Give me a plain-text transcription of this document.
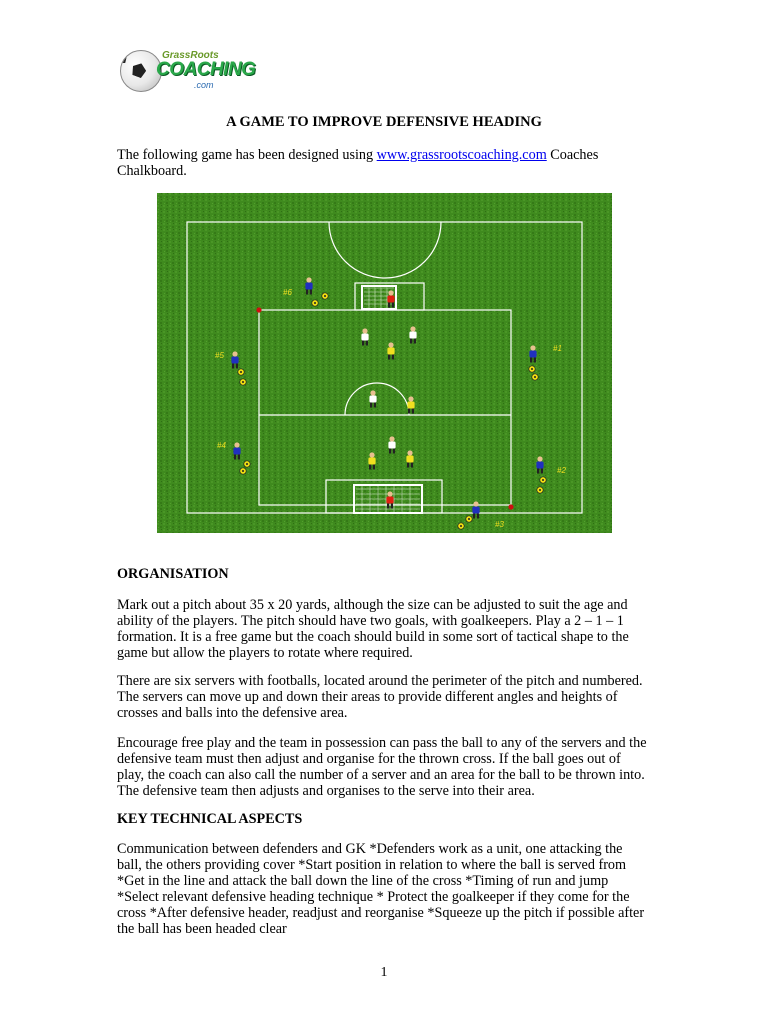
GrassRoots
COACHING
.com
A GAME TO IMPROVE DEFENSIVE HEADING

The following game has been designed using www.grassrootscoaching.com Coaches Chalkboard.

#1
#2
#3
#4
#5
#6
ORGANISATION

Mark out a pitch about 35 x 20 yards, although the size can be adjusted to suit the age and ability of the players. The pitch should have two goals, with goalkeepers. Play a 2 – 1 – 1 formation. It is a free game but the coach should build in some sort of tactical shape to the game but allow the players to rotate where required.

There are six servers with footballs, located around the perimeter of the pitch and numbered. The servers can move up and down their areas to provide different angles and heights of crosses and balls into the defensive area.

Encourage free play and the team in possession can pass the ball to any of the servers and the defensive team must then adjust and organise for the thrown cross. If the ball goes out of play, the coach can also call the number of a server and an area for the ball to be thrown into. The defensive team then adjusts and organises to the serve into their area.

KEY TECHNICAL ASPECTS

Communication between defenders and GK *Defenders work as a unit, one attacking the ball, the others providing cover *Start position in relation to where the ball is served from *Get in the line and attack the ball down the line of the cross *Timing of run and jump *Select relevant defensive heading technique * Protect the goalkeeper if they come for the cross *After defensive header, readjust and reorganise *Squeeze up the pitch if possible after the ball has been headed clear

1
